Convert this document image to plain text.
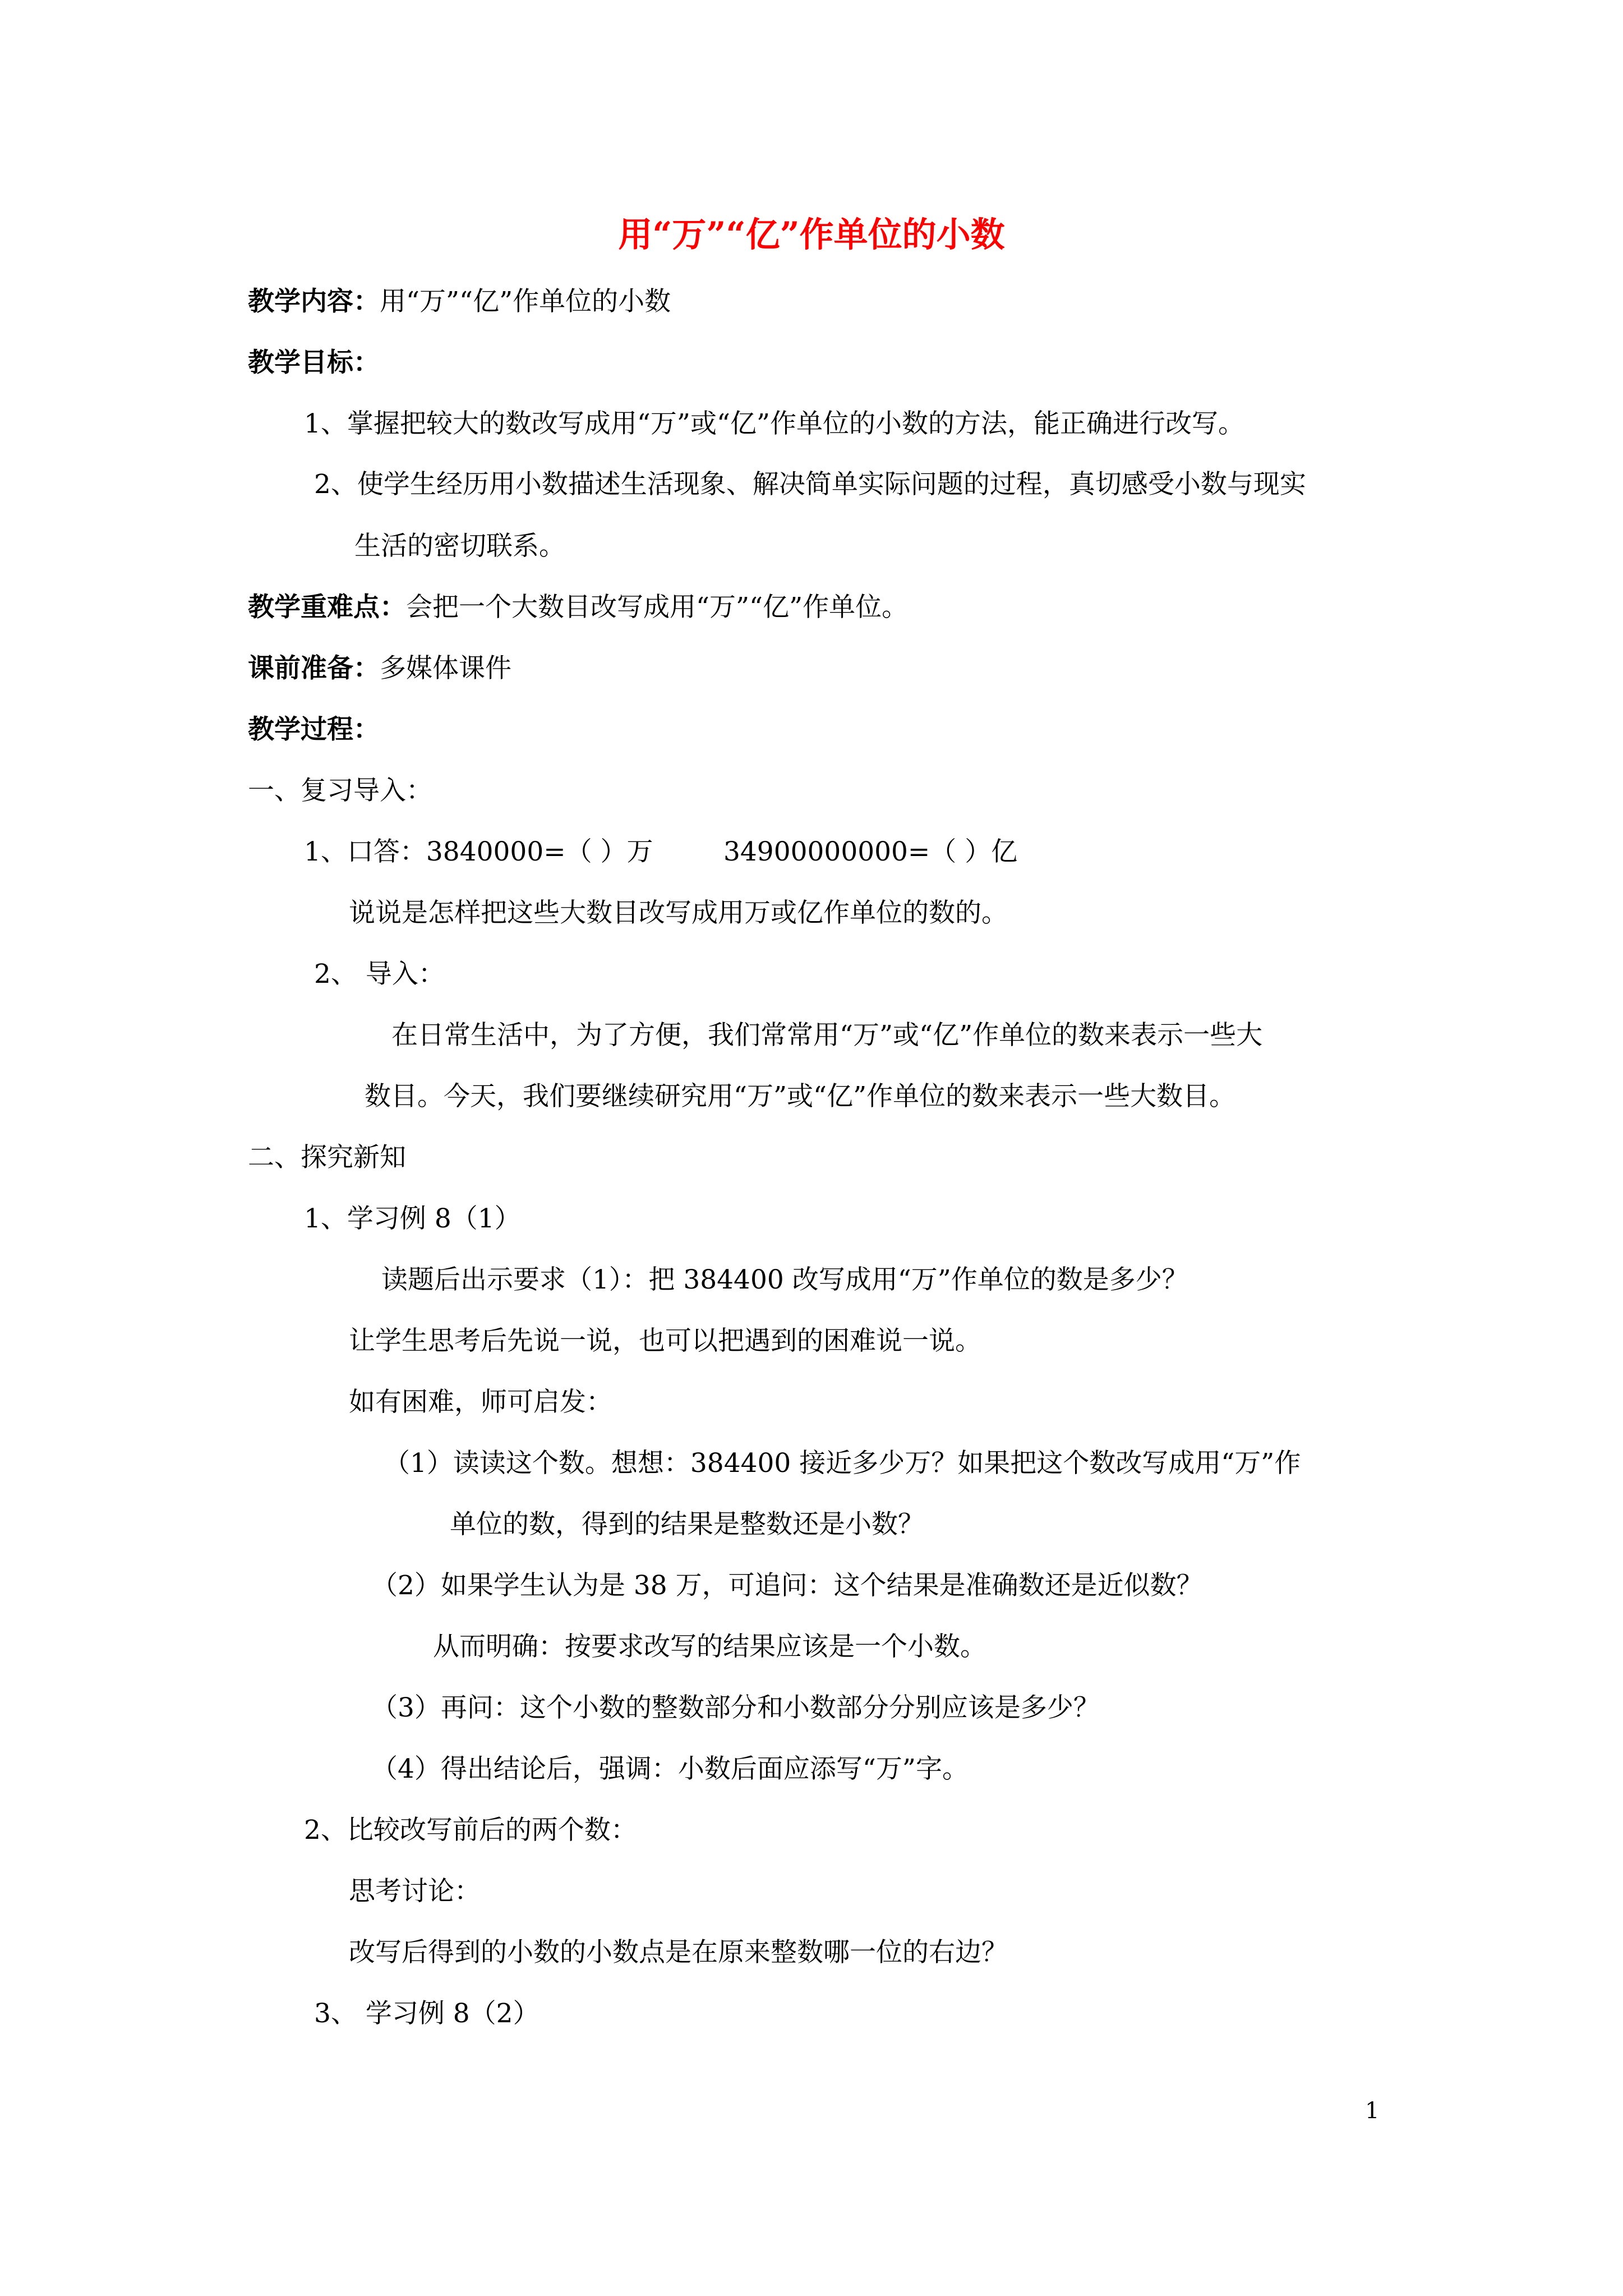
用“万”“亿”作单位的小数
教学内容：用“万”“亿”作单位的小数
教学目标：
1、掌握把较大的数改写成用“万”或“亿”作单位的小数的方法，能正确进行改写。
2、使学生经历用小数描述生活现象、解决简单实际问题的过程，真切感受小数与现实
生活的密切联系。
教学重难点：会把一个大数目改写成用“万”“亿”作单位。
课前准备：多媒体课件
教学过程：
一、复习导入：
1、口答：3840000=（ ）万	34900000000=（ ）亿
说说是怎样把这些大数目改写成用万或亿作单位的数的。
2、 导入：
在日常生活中，为了方便，我们常常用“万”或“亿”作单位的数来表示一些大
数目。今天，我们要继续研究用“万”或“亿”作单位的数来表示一些大数目。
二、探究新知
1、学习例 8（1）
读题后出示要求（1）：把 384400 改写成用“万”作单位的数是多少？
让学生思考后先说一说，也可以把遇到的困难说一说。
如有困难，师可启发：
（1）读读这个数。想想：384400 接近多少万？如果把这个数改写成用“万”作
单位的数，得到的结果是整数还是小数？
（2）如果学生认为是 38 万，可追问：这个结果是准确数还是近似数？
从而明确：按要求改写的结果应该是一个小数。
（3）再问：这个小数的整数部分和小数部分分别应该是多少？
（4）得出结论后，强调：小数后面应添写“万”字。
2、比较改写前后的两个数：
思考讨论：
改写后得到的小数的小数点是在原来整数哪一位的右边？
3、 学习例 8（2）
1
